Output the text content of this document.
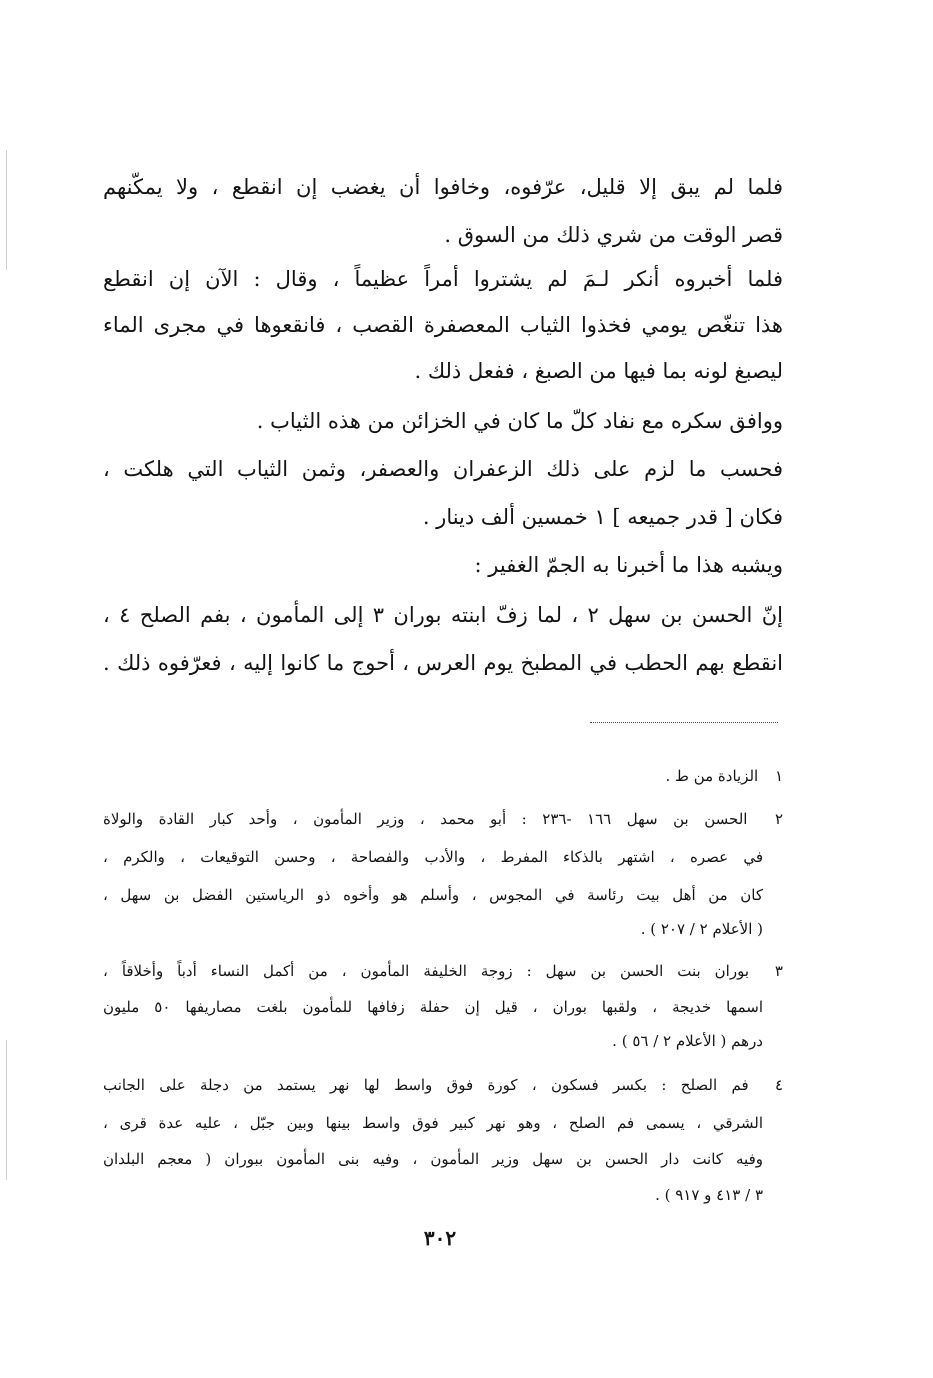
فلما لم يبق إلا قليل، عرّفوه، وخافوا أن يغضب إن انقطع ، ولا يمكّنهم
قصر الوقت من شري ذلك من السوق .
فلما أخبروه أنكر لـمَ لم يشتروا أمراً عظيماً ، وقال : الآن إن انقطع
هذا تنغّص يومي فخذوا الثياب المعصفرة القصب ، فانقعوها في مجرى الماء
ليصبغ لونه بما فيها من الصبغ ، ففعل ذلك .
ووافق سكره مع نفاد كلّ ما كان في الخزائن من هذه الثياب .
فحسب ما لزم على ذلك الزعفران والعصفر، وثمن الثياب التي هلكت ،
فكان [ قدر جميعه ] ١ خمسين ألف دينار .
ويشبه هذا ما أخبرنا به الجمّ الغفير :
إنّ الحسن بن سهل ٢ ، لما زفّ ابنته بوران ٣ إلى المأمون ، بفم الصلح ٤ ،
انقطع بهم الحطب في المطبخ يوم العرس ، أحوج ما كانوا إليه ، فعرّفوه ذلك .
١ الزيادة من ط .
٢ الحسن بن سهل ١٦٦ -٢٣٦ : أبو محمد ، وزير المأمون ، وأحد كبار القادة والولاة
في عصره ، اشتهر بالذكاء المفرط ، والأدب والفصاحة ، وحسن التوقيعات ، والكرم ،
كان من أهل بيت رئاسة في المجوس ، وأسلم هو وأخوه ذو الرياستين الفضل بن سهل ،
( الأعلام ٢ / ٢٠٧ ) .
٣ بوران بنت الحسن بن سهل : زوجة الخليفة المأمون ، من أكمل النساء أدباً وأخلاقاً ،
اسمها خديجة ، ولقبها بوران ، قيل إن حفلة زفافها للمأمون بلغت مصاريفها ٥٠ مليون
درهم ( الأعلام ٢ / ٥٦ ) .
٤ فم الصلح : بكسر فسكون ، كورة فوق واسط لها نهر يستمد من دجلة على الجانب
الشرقي ، يسمى فم الصلح ، وهو نهر كبير فوق واسط بينها وبين جبّل ، عليه عدة قرى ،
وفيه كانت دار الحسن بن سهل وزير المأمون ، وفيه بنى المأمون ببوران ( معجم البلدان
٣ / ٤١٣ و ٩١٧ ) .
٣٠٢
